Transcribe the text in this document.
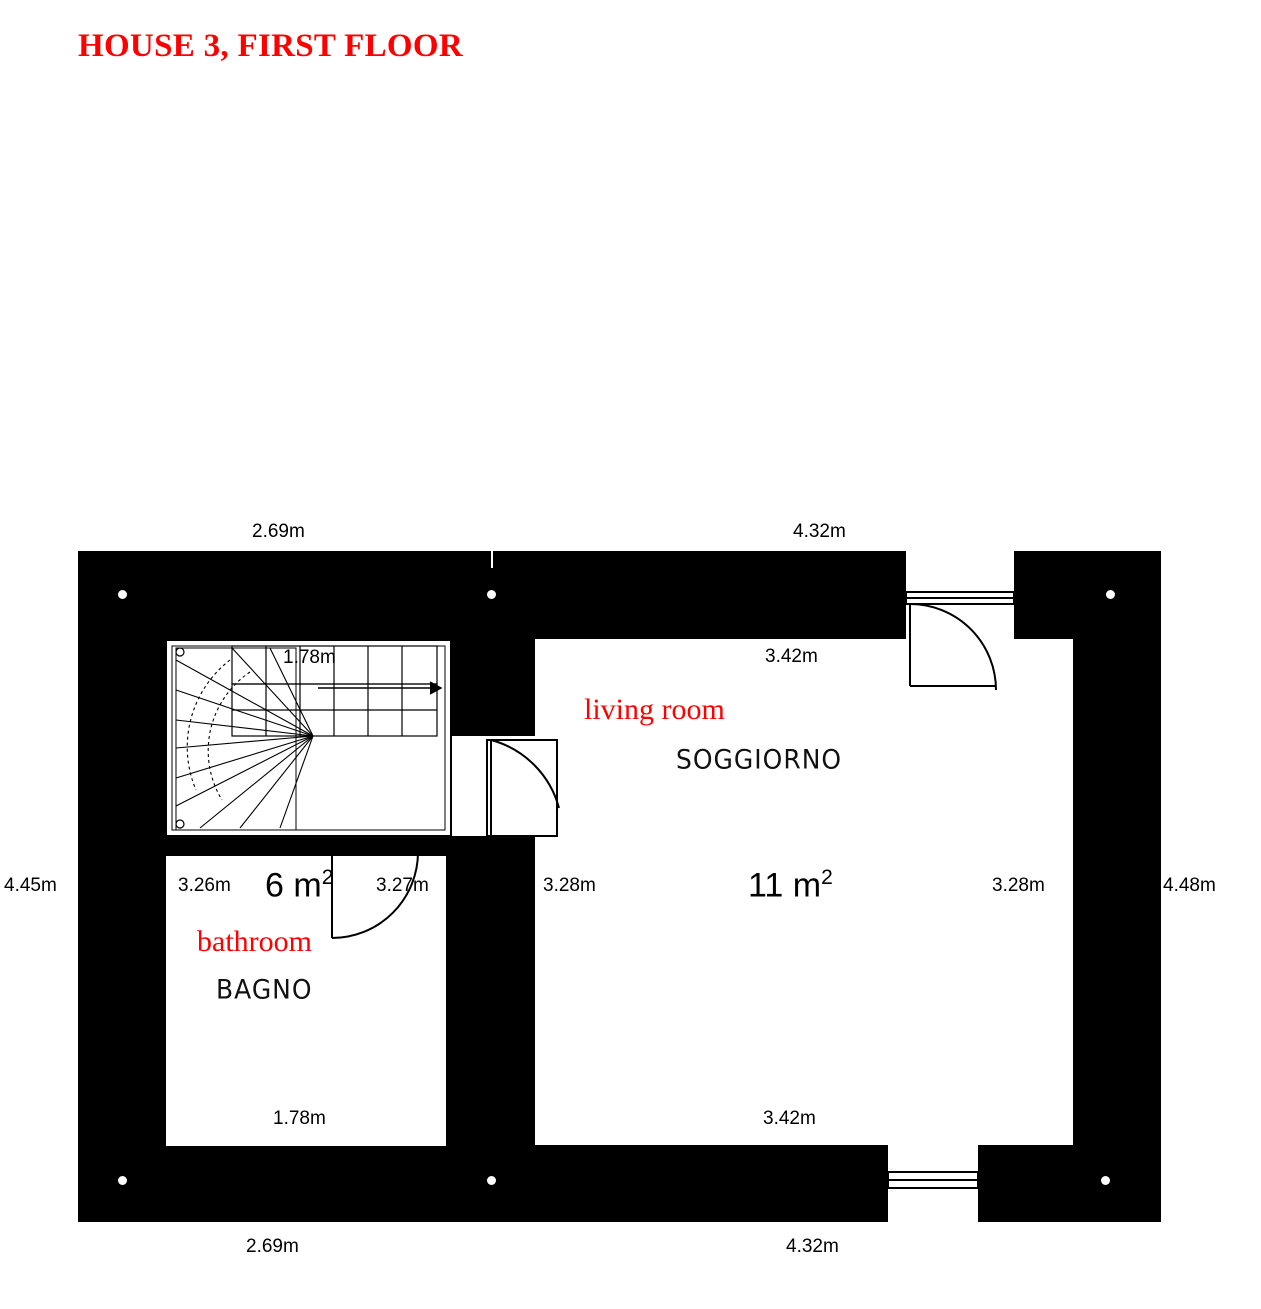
HOUSE 3, FIRST FLOOR
2.69m	4.32m
2.69m	4.32m
4.45m	4.48m
1.78m	3.42m
3.42m
3.28m	3.28m
3.26m	3.27m
1.78m
living room
SOGGIORNO
11 $m^2$
bathroom
BAGNO
6 $m^2$
